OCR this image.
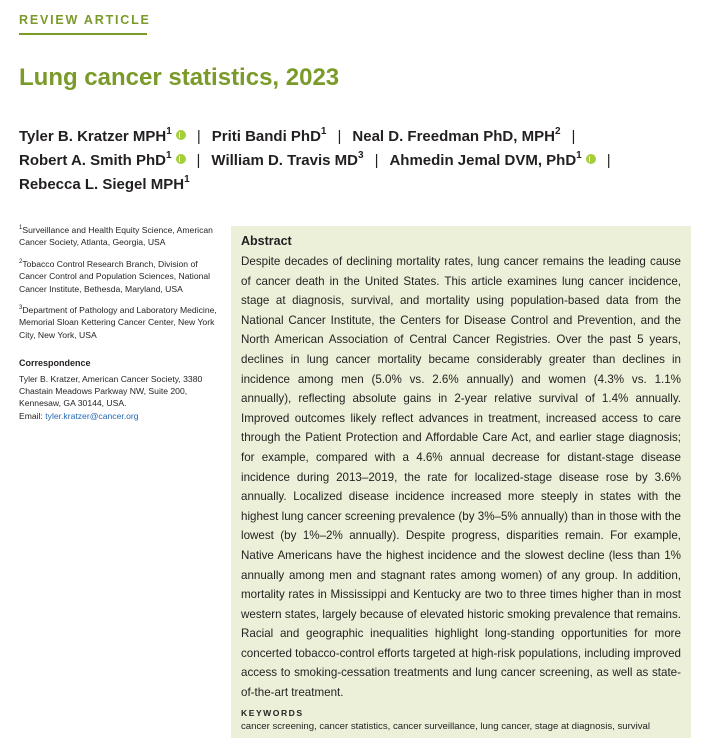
REVIEW ARTICLE
Lung cancer statistics, 2023
Tyler B. Kratzer MPH$^1$ | Priti Bandi PhD$^1$ | Neal D. Freedman PhD, MPH$^2$ |
Robert A. Smith PhD$^1$ | William D. Travis $MD^3$ | Ahmedin Jemal DVM, PhD$^1$ |
Rebecca L. Siegel MPH$^1$

$^1$Surveillance and Health Equity Science, American Cancer Society, Atlanta, Georgia, USA

$^2$Tobacco Control Research Branch, Division of Cancer Control and Population Sciences, National Cancer Institute, Bethesda, Maryland, USA

$^3$Department of Pathology and Laboratory Medicine, Memorial Sloan Kettering Cancer Center, New York City, New York, USA

Correspondence
Tyler B. Kratzer, American Cancer Society, 3380 Chastain Meadows Parkway NW, Suite 200, Kennesaw, GA 30144, USA.
Email: tyler.kratzer@cancer.org
Abstract
Despite decades of declining mortality rates, lung cancer remains the leading cause of cancer death in the United States. This article examines lung cancer incidence, stage at diagnosis, survival, and mortality using population-based data from the National Cancer Institute, the Centers for Disease Control and Prevention, and the North American Association of Central Cancer Registries. Over the past 5 years, declines in lung cancer mortality became considerably greater than declines in incidence among men (5.0% vs. 2.6% annually) and women (4.3% vs. 1.1% annually), reflecting absolute gains in 2-year relative survival of 1.4% annually. Improved outcomes likely reflect advances in treatment, increased access to care through the Patient Protection and Affordable Care Act, and earlier stage diagnosis; for example, compared with a 4.6% annual decrease for distant-stage disease incidence during 2013–2019, the rate for localized-stage disease rose by 3.6% annually. Localized disease incidence increased more steeply in states with the highest lung cancer screening prevalence (by 3%–5% annually) than in those with the lowest (by 1%–2% annually). Despite progress, disparities remain. For example, Native Americans have the highest incidence and the slowest decline (less than 1% annually among men and stagnant rates among women) of any group. In addition, mortality rates in Mississippi and Kentucky are two to three times higher than in most western states, largely because of elevated historic smoking prevalence that remains. Racial and geographic inequalities highlight long-standing opportunities for more concerted tobacco-control efforts targeted at high-risk populations, including improved access to smoking-cessation treatments and lung cancer screening, as well as state-of-the-art treatment.
KEYWORDS
cancer screening, cancer statistics, cancer surveillance, lung cancer, stage at diagnosis, survival
